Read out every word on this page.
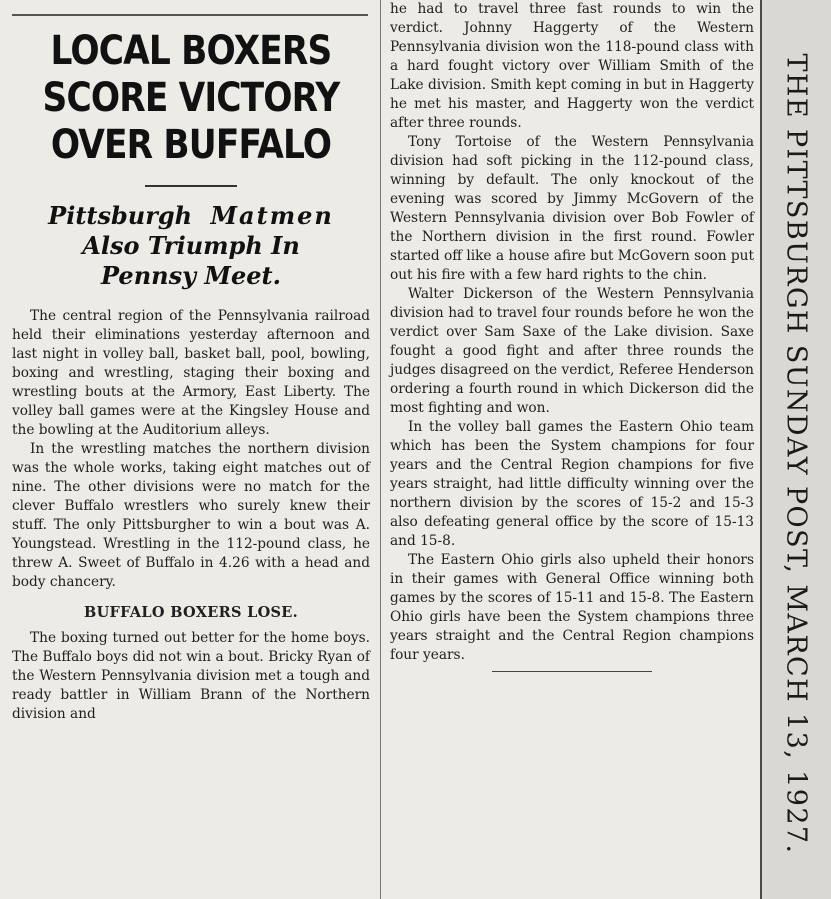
LOCAL BOXERS
SCORE VICTORY
OVER BUFFALO
Pittsburgh Matmen
Also Triumph In
Pennsy Meet.

The central region of the Pennsylvania railroad held their eliminations yesterday afternoon and last night in volley ball, basket ball, pool, bowling, boxing and wrestling, staging their boxing and wrestling bouts at the Armory, East Liberty. The volley ball games were at the Kingsley House and the bowling at the Auditorium alleys.

In the wrestling matches the northern division was the whole works, taking eight matches out of nine. The other divisions were no match for the clever Buffalo wrestlers who surely knew their stuff. The only Pittsburgher to win a bout was A. Youngstead. Wrestling in the 112-pound class, he threw A. Sweet of Buffalo in 4.26 with a head and body chancery.

BUFFALO BOXERS LOSE.

The boxing turned out better for the home boys. The Buffalo boys did not win a bout. Bricky Ryan of the Western Pennsylvania division met a tough and ready battler in William Brann of the Northern division and

he had to travel three fast rounds to win the verdict. Johnny Haggerty of the Western Pennsylvania division won the 118-pound class with a hard fought victory over William Smith of the Lake division. Smith kept coming in but in Haggerty he met his master, and Haggerty won the verdict after three rounds.

Tony Tortoise of the Western Pennsylvania division had soft picking in the 112-pound class, winning by default. The only knockout of the evening was scored by Jimmy McGovern of the Western Pennsylvania division over Bob Fowler of the Northern division in the first round. Fowler started off like a house afire but McGovern soon put out his fire with a few hard rights to the chin.

Walter Dickerson of the Western Pennsylvania division had to travel four rounds before he won the verdict over Sam Saxe of the Lake division. Saxe fought a good fight and after three rounds the judges disagreed on the verdict, Referee Henderson ordering a fourth round in which Dickerson did the most fighting and won.

In the volley ball games the Eastern Ohio team which has been the System champions for four years and the Central Region champions for five years straight, had little difficulty winning over the northern division by the scores of 15-2 and 15-3 also defeating general office by the score of 15-13 and 15-8.

The Eastern Ohio girls also upheld their honors in their games with General Office winning both games by the scores of 15-11 and 15-8. The Eastern Ohio girls have been the System champions three years straight and the Central Region champions four years.	THE PITTSBURGH SUNDAY POST, MARCH 13, 1927.
